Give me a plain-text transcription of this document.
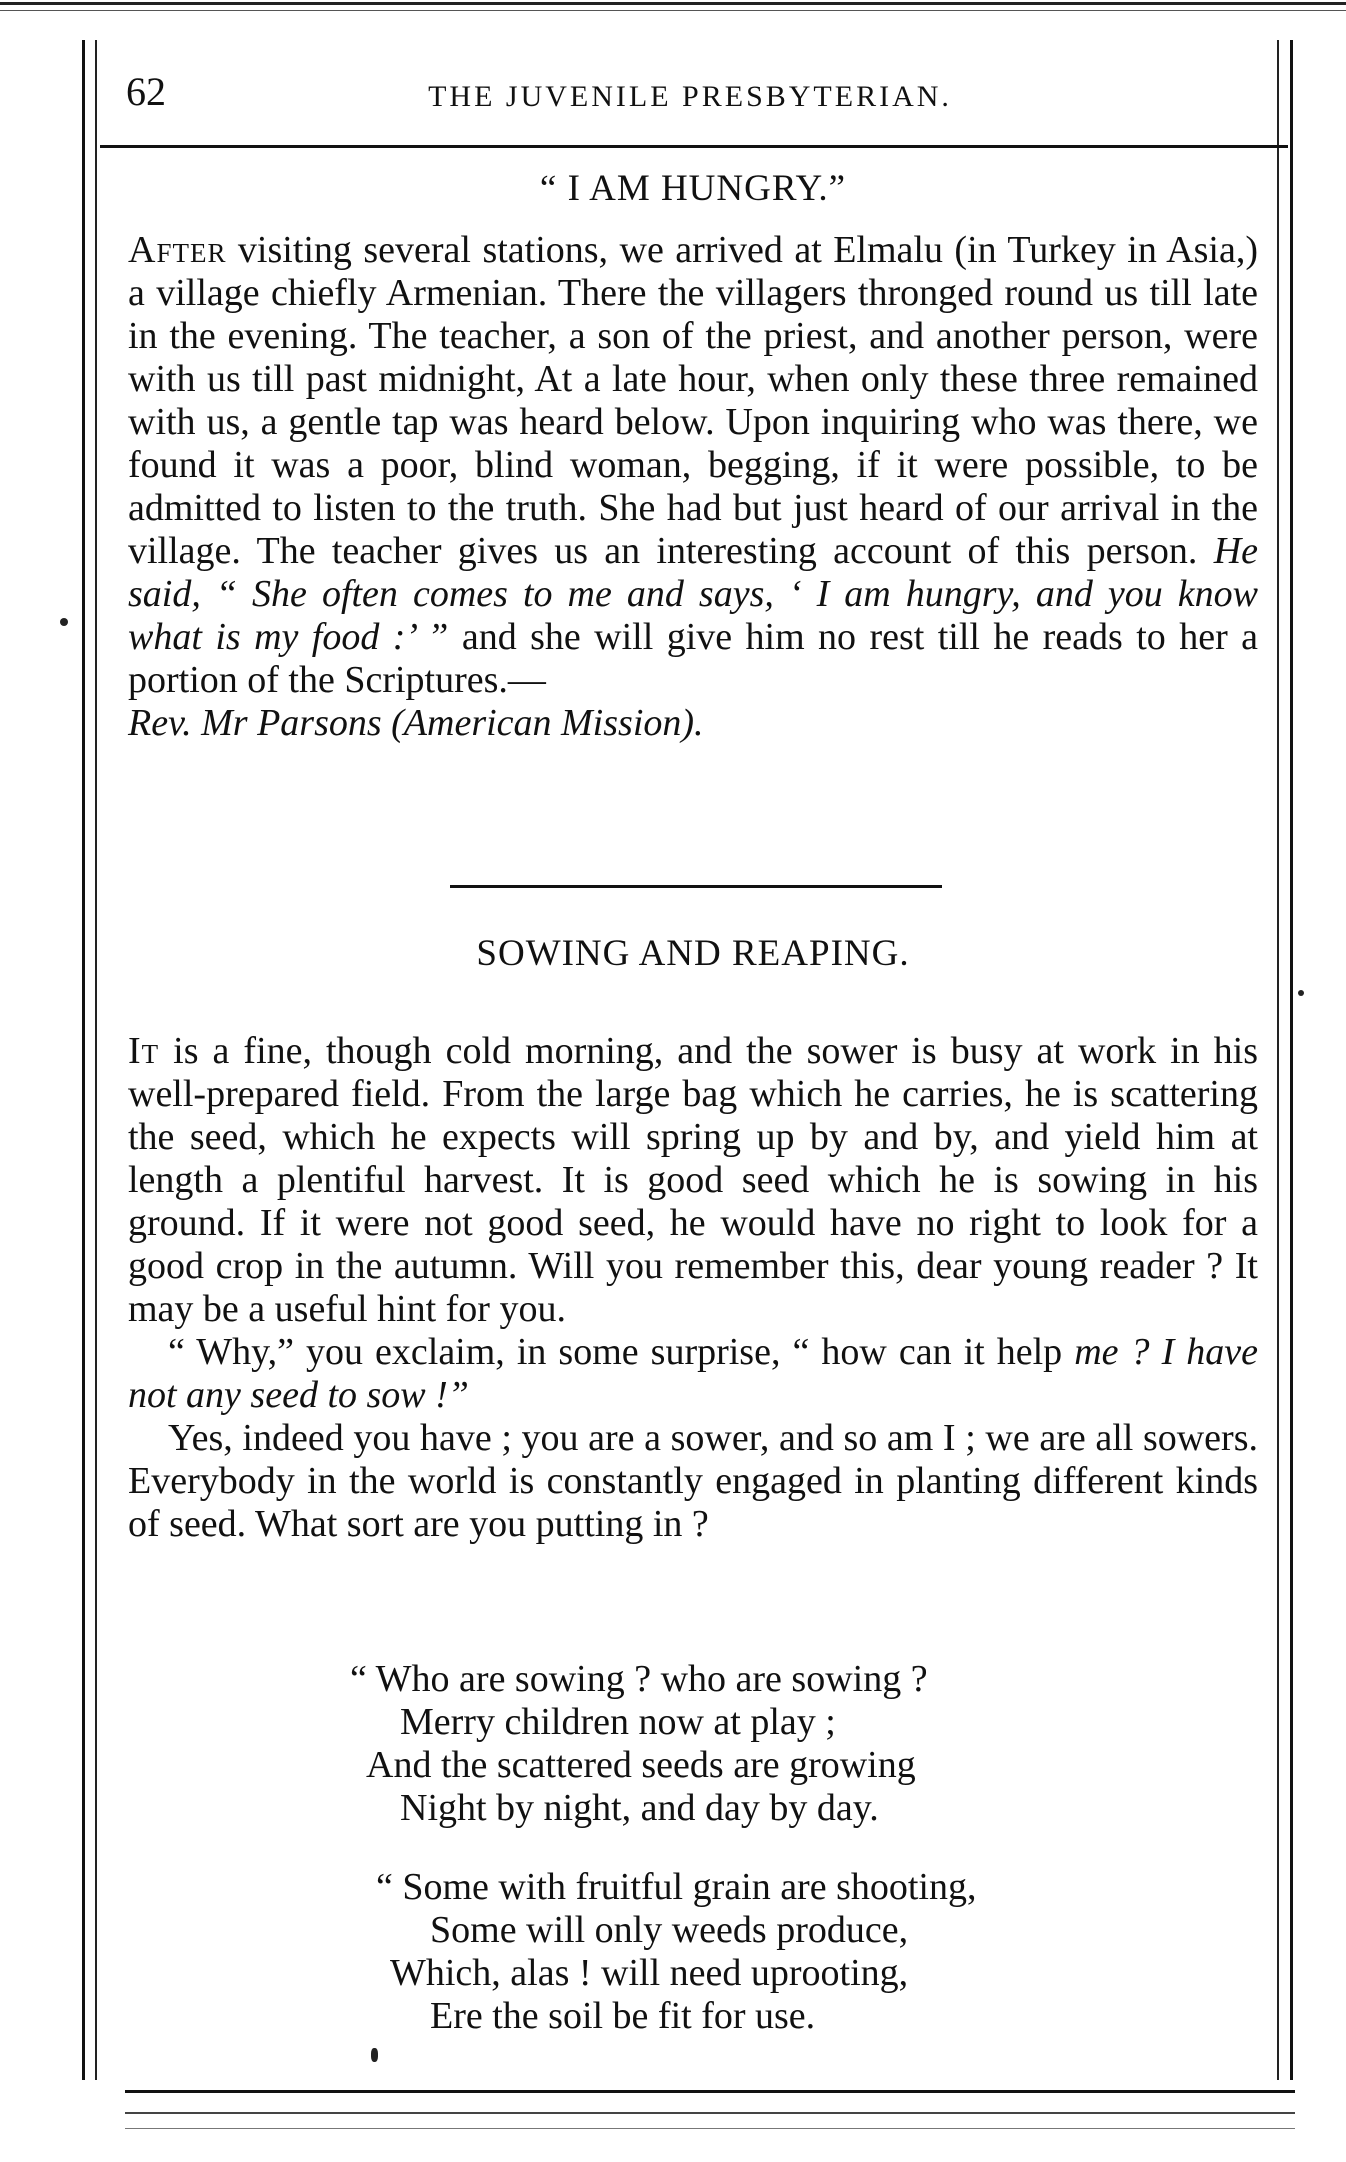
62	THE JUVENILE PRESBYTERIAN.
“ I AM HUNGRY.”

After visiting several stations, we arrived at Elmalu (in Turkey in Asia,) a village chiefly Armenian. There the villagers thronged round us till late in the evening. The teacher, a son of the priest, and another person, were with us till past midnight, At a late hour, when only these three remained with us, a gentle tap was heard below. Upon inquiring who was there, we found it was a poor, blind woman, begging, if it were possible, to be admitted to listen to the truth. She had but just heard of our arrival in the village. The teacher gives us an interesting account of this person. He said, “ She often comes to me and says, ‘ I am hungry, and you know what is my food :’ ” and she will give him no rest till he reads to her a portion of the Scriptures.—
Rev. Mr Parsons (American Mission).

SOWING AND REAPING.

It is a fine, though cold morning, and the sower is busy at work in his well-prepared field. From the large bag which he carries, he is scattering the seed, which he expects will spring up by and by, and yield him at length a plentiful harvest. It is good seed which he is sowing in his ground. If it were not good seed, he would have no right to look for a good crop in the autumn. Will you remember this, dear young reader ? It may be a useful hint for you.

“ Why,” you exclaim, in some surprise, “ how can it help me ? I have not any seed to sow !”

Yes, indeed you have ; you are a sower, and so am I ; we are all sowers. Everybody in the world is constantly engaged in planting different kinds of seed. What sort are you putting in ?

“ Who are sowing ? who are sowing ?
Merry children now at play ;
And the scattered seeds are growing
Night by night, and day by day.
“ Some with fruitful grain are shooting,
Some will only weeds produce,
Which, alas ! will need uprooting,
Ere the soil be fit for use.
